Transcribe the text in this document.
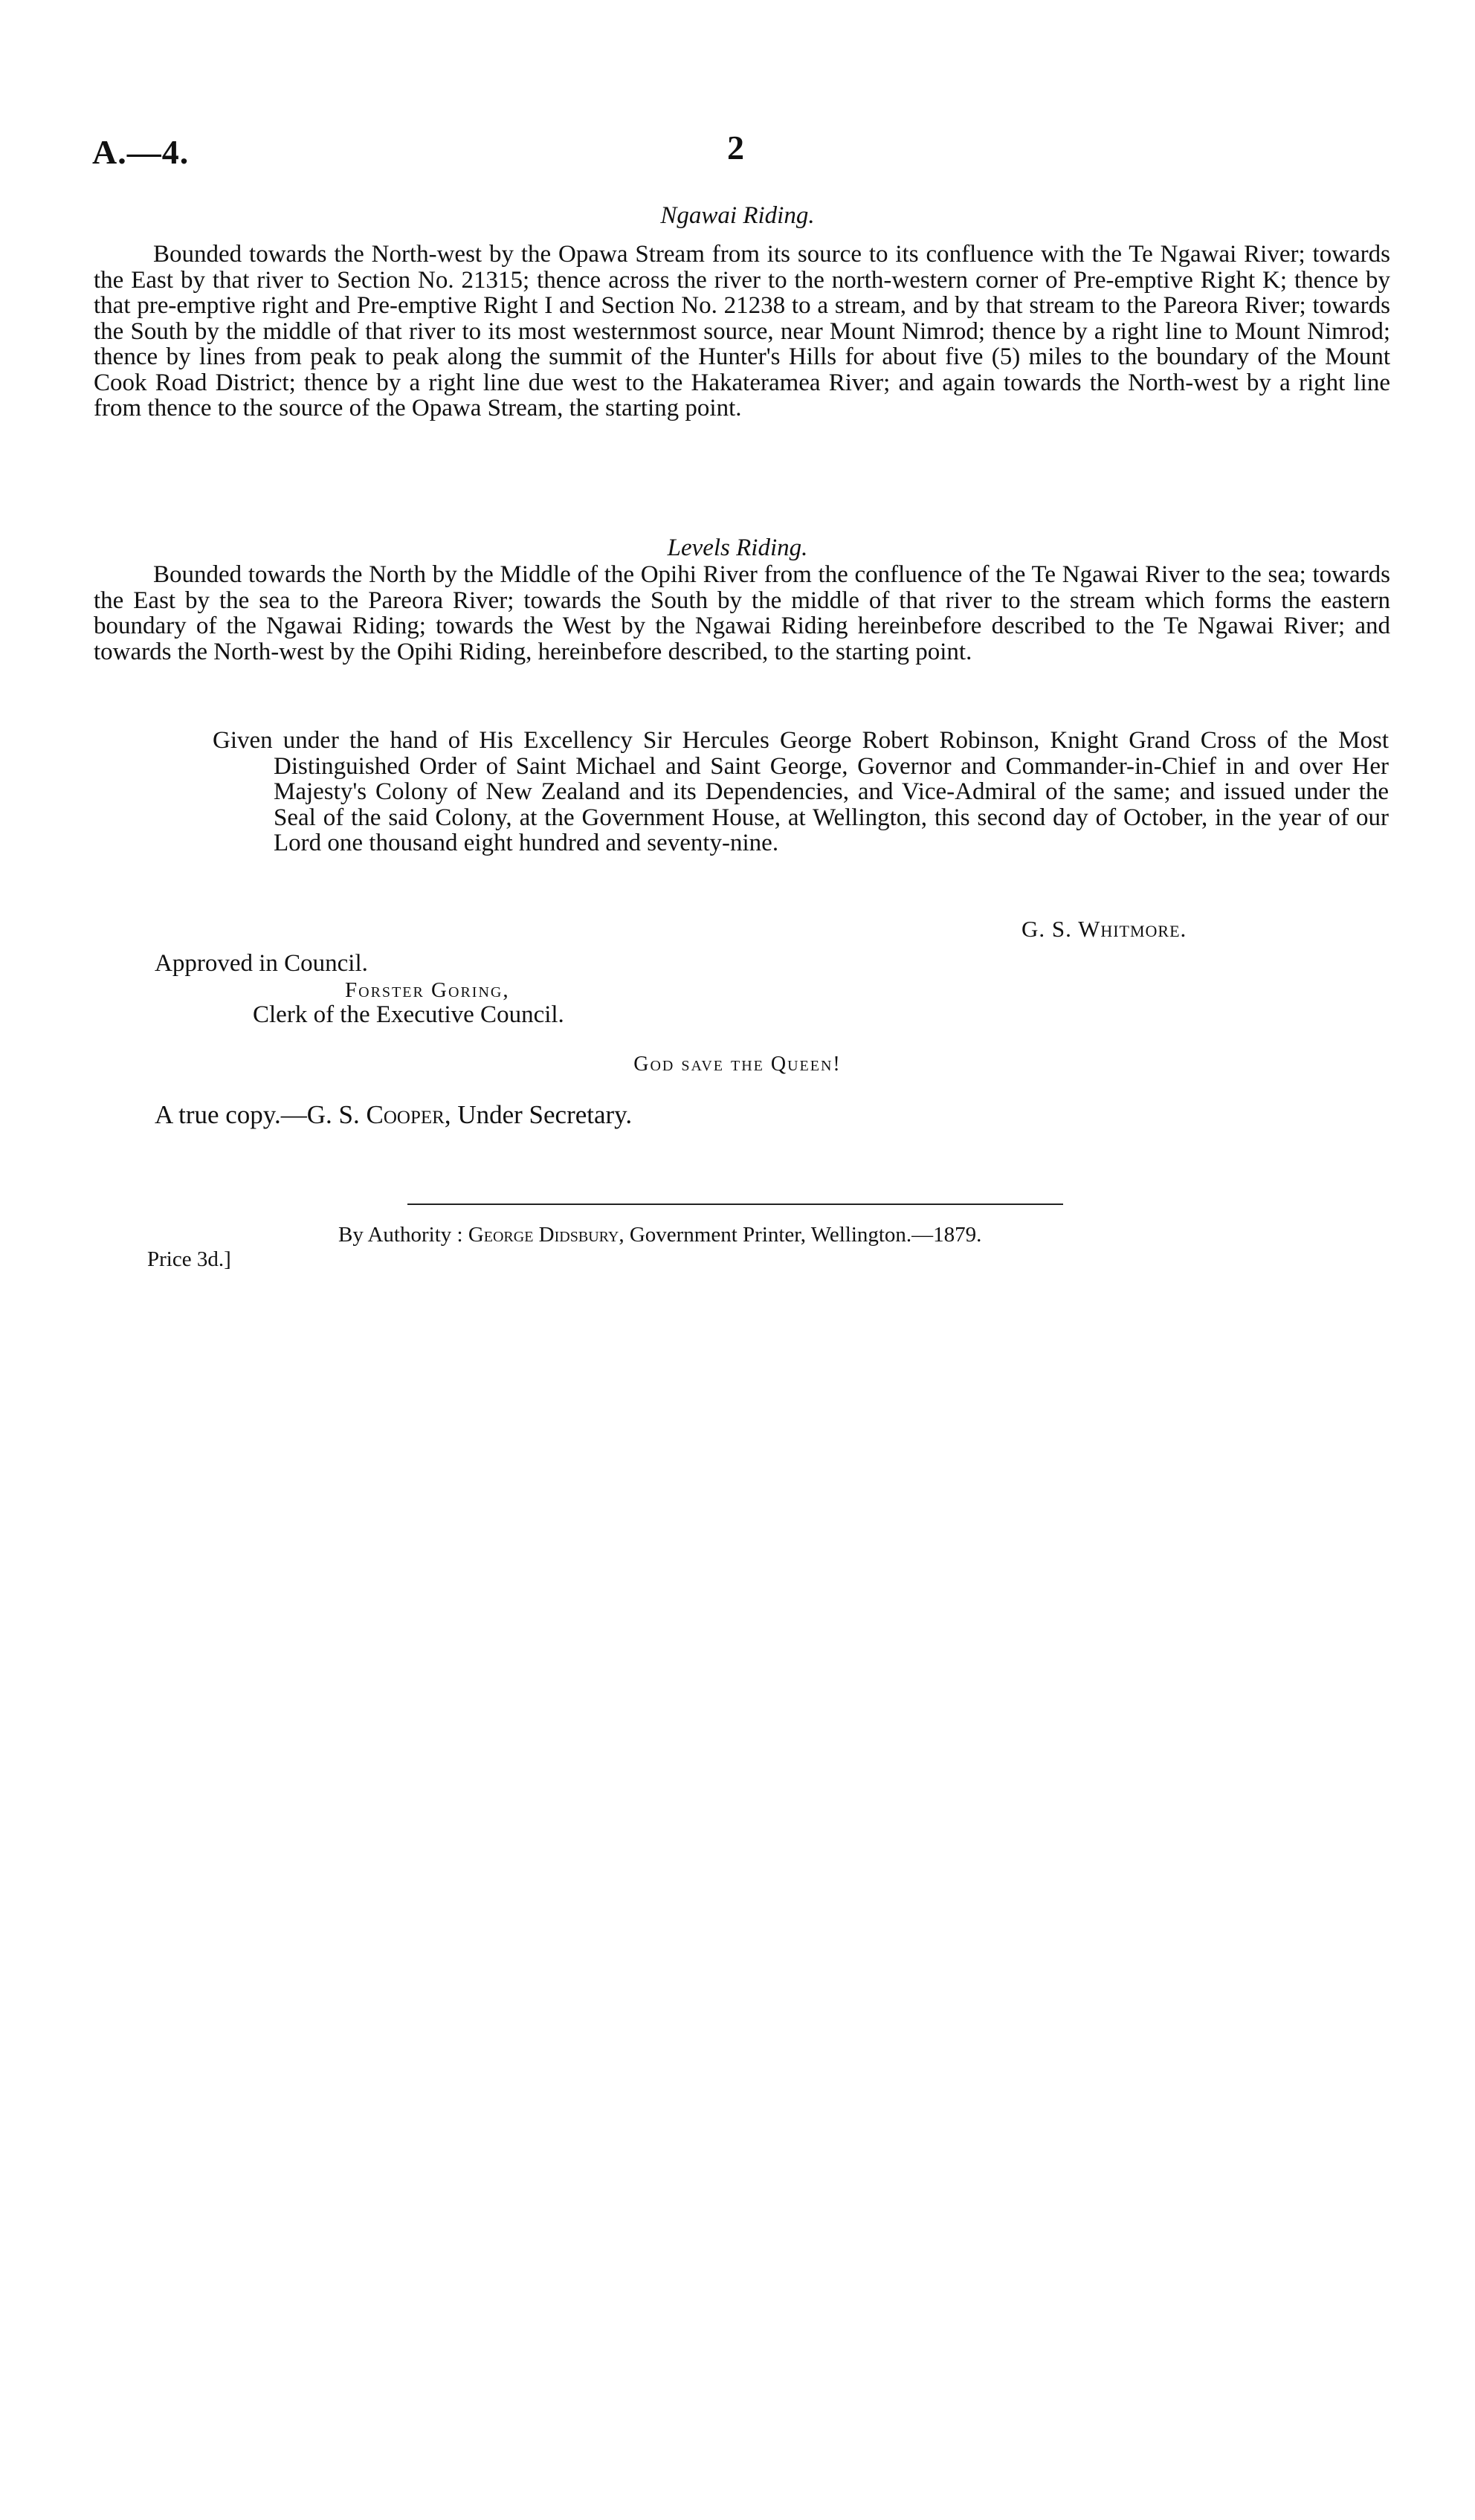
A.—4.	2
Ngawai Riding.
Bounded towards the North-west by the Opawa Stream from its source to its confluence with the Te Ngawai River; towards the East by that river to Section No. 21315; thence across the river to the north-western corner of Pre-emptive Right K; thence by that pre-emptive right and Pre-emptive Right I and Section No. 21238 to a stream, and by that stream to the Pareora River; towards the South by the middle of that river to its most westernmost source, near Mount Nimrod; thence by a right line to Mount Nimrod; thence by lines from peak to peak along the summit of the Hunter's Hills for about five (5) miles to the boundary of the Mount Cook Road District; thence by a right line due west to the Hakateramea River; and again towards the North-west by a right line from thence to the source of the Opawa Stream, the starting point.
Levels Riding.
Bounded towards the North by the Middle of the Opihi River from the confluence of the Te Ngawai River to the sea; towards the East by the sea to the Pareora River; towards the South by the middle of that river to the stream which forms the eastern boundary of the Ngawai Riding; towards the West by the Ngawai Riding hereinbefore described to the Te Ngawai River; and towards the North-west by the Opihi Riding, hereinbefore described, to the starting point.
Given under the hand of His Excellency Sir Hercules George Robert Robinson, Knight Grand Cross of the Most Distinguished Order of Saint Michael and Saint George, Governor and Commander-in-Chief in and over Her Majesty's Colony of New Zealand and its Dependencies, and Vice-Admiral of the same; and issued under the Seal of the said Colony, at the Government House, at Wellington, this second day of October, in the year of our Lord one thousand eight hundred and seventy-nine.
G. S. Whitmore.
Approved in Council.
Forster Goring,
Clerk of the Executive Council.
God save the Queen!
A true copy.—G. S. Cooper, Under Secretary.
By Authority : George Didsbury, Government Printer, Wellington.—1879.
Price 3d.]
